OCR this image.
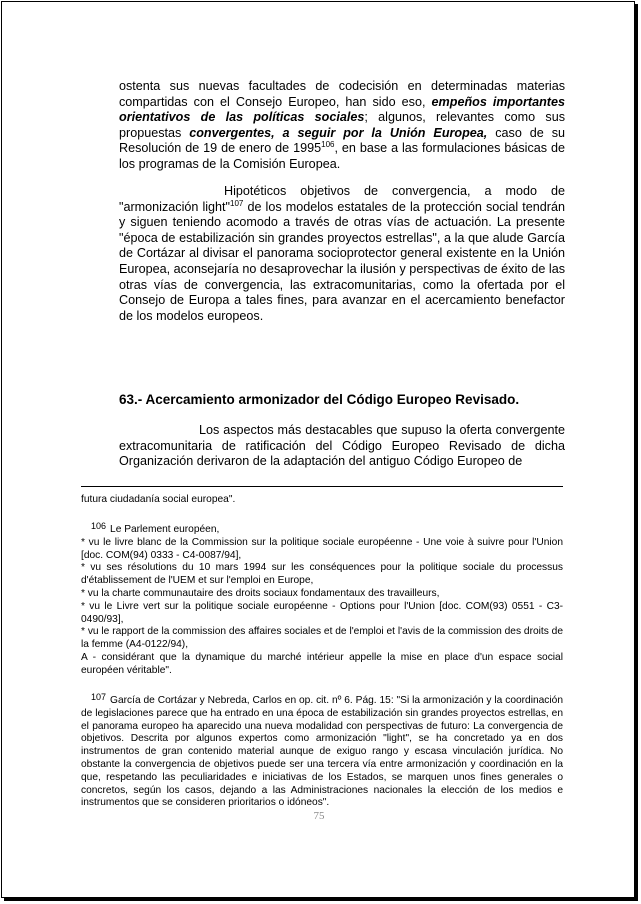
ostenta sus nuevas facultades de codecisión en determinadas materias compartidas con el Consejo Europeo, han sido eso, empeños importantes orientativos de las políticas sociales; algunos, relevantes como sus propuestas convergentes, a seguir por la Unión Europea, caso de su Resolución de 19 de enero de 1995$^{106}$, en base a las formulaciones básicas de los programas de la Comisión Europea.

Hipotéticos objetivos de convergencia, a modo de "armonización light"$^{107}$ de los modelos estatales de la protección social tendrán y siguen teniendo acomodo a través de otras vías de actuación. La presente "época de estabilización sin grandes proyectos estrellas", a la que alude García de Cortázar al divisar el panorama socioprotector general existente en la Unión Europea, aconsejaría no desaprovechar la ilusión y perspectivas de éxito de las otras vías de convergencia, las extracomunitarias, como la ofertada por el Consejo de Europa a tales fines, para avanzar en el acercamiento benefactor de los modelos europeos.

63.- Acercamiento armonizador del Código Europeo Revisado.

Los aspectos más destacables que supuso la oferta convergente extracomunitaria de ratificación del Código Europeo Revisado de dicha Organización derivaron de la adaptación del antiguo Código Europeo de

futura ciudadanía social europea".

106 Le Parlement européen,
* vu le livre blanc de la Commission sur la politique sociale européenne - Une voie à suivre pour l'Union [doc. COM(94) 0333 - C4-0087/94],
* vu ses résolutions du 10 mars 1994 sur les conséquences pour la politique sociale du processus d'établissement de l'UEM et sur l'emploi en Europe,
* vu la charte communautaire des droits sociaux fondamentaux des travailleurs,
* vu le Livre vert sur la politique sociale européenne - Options pour l'Union [doc. COM(93) 0551 - C3-0490/93],
* vu le rapport de la commission des affaires sociales et de l'emploi et l'avis de la commission des droits de la femme (A4-0122/94),
A - considérant que la dynamique du marché intérieur appelle la mise en place d'un espace social européen véritable".

107 García de Cortázar y Nebreda, Carlos en op. cit. nº 6. Pág. 15: "Si la armonización y la coordinación de legislaciones parece que ha entrado en una época de estabilización sin grandes proyectos estrellas, en el panorama europeo ha aparecido una nueva modalidad con perspectivas de futuro: La convergencia de objetivos. Descrita por algunos expertos como armonización "light", se ha concretado ya en dos instrumentos de gran contenido material aunque de exiguo rango y escasa vinculación jurídica. No obstante la convergencia de objetivos puede ser una tercera vía entre armonización y coordinación en la que, respetando las peculiaridades e iniciativas de los Estados, se marquen unos fines generales o concretos, según los casos, dejando a las Administraciones nacionales la elección de los medios e instrumentos que se consideren prioritarios o idóneos".

75
